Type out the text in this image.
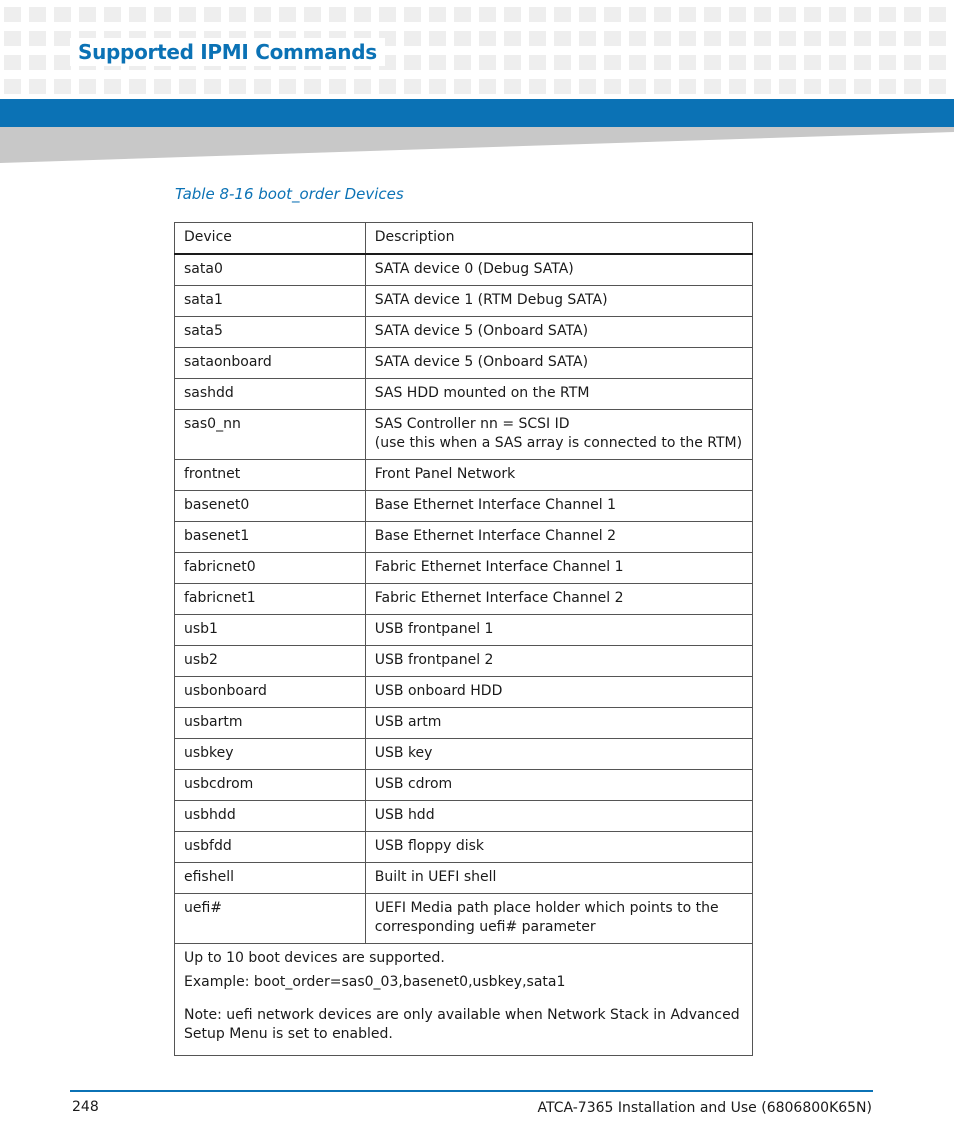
Supported IPMI Commands
Table 8-16 boot_order Devices
Device	Description
sata0	SATA device 0 (Debug SATA)

sata1	SATA device 1 (RTM Debug SATA)

sata5	SATA device 5 (Onboard SATA)

sataonboard	SATA device 5 (Onboard SATA)

sashdd	SAS HDD mounted on the RTM

sas0_nn	SAS Controller nn = SCSI ID
(use this when a SAS array is connected to the RTM)

frontnet	Front Panel Network

basenet0	Base Ethernet Interface Channel 1

basenet1	Base Ethernet Interface Channel 2

fabricnet0	Fabric Ethernet Interface Channel 1

fabricnet1	Fabric Ethernet Interface Channel 2

usb1	USB frontpanel 1

usb2	USB frontpanel 2

usbonboard	USB onboard HDD

usbartm	USB artm

usbkey	USB key

usbcdrom	USB cdrom

usbhdd	USB hdd

usbfdd	USB floppy disk

efishell	Built in UEFI shell

uefi#	UEFI Media path place holder which points to the
corresponding uefi# parameter

Up to 10 boot devices are supported.

Example: boot_order=sas0_03,basenet0,usbkey,sata1

Note: uefi network devices are only available when Network Stack in Advanced Setup Menu is set to enabled.	

248	ATCA-7365 Installation and Use (6806800K65N)
